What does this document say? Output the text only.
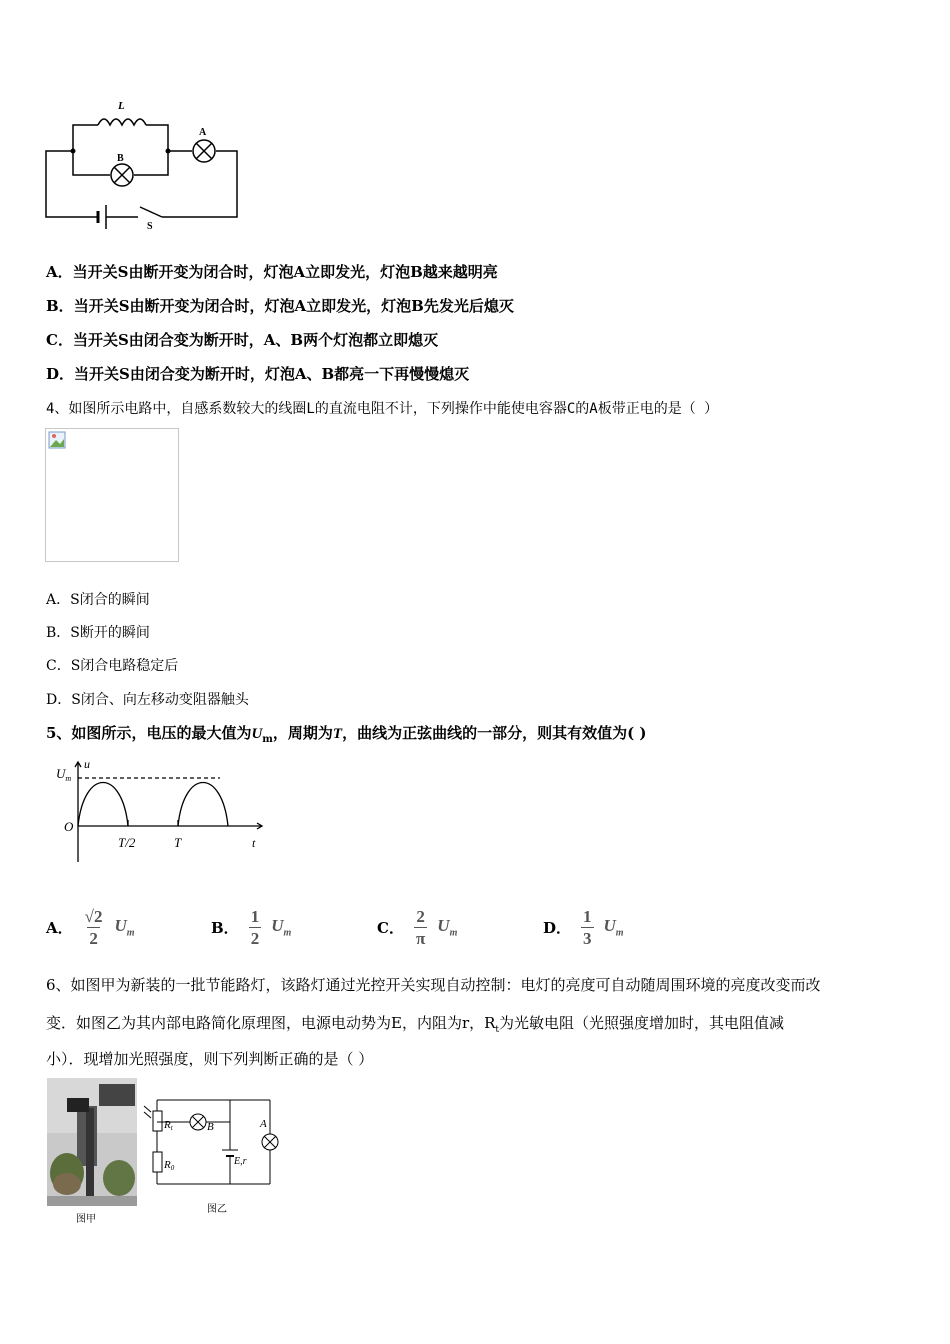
L
B
A
S
A．当开关S由断开变为闭合时，灯泡A立即发光，灯泡B越来越明亮
B．当开关S由断开变为闭合时，灯泡A立即发光，灯泡B先发光后熄灭
C．当开关S由闭合变为断开时，A、B两个灯泡都立即熄灭
D．当开关S由闭合变为断开时，灯泡A、B都亮一下再慢慢熄灭
4、如图所示电路中，自感系数较大的线圈L的直流电阻不计，下列操作中能使电容器C的A板带正电的是（ ）
A．S闭合的瞬间
B．S断开的瞬间
C．S闭合电路稳定后
D．S闭合、向左移动变阻器触头
5、如图所示，电压的最大值为$U_m$，周期为T，曲线为正弦曲线的一部分，则其有效值为( )
$U_m$
u
O
T/2	T	t
A． $\frac{√2}{2} U_m$	B． $\frac{1}{2} U_m$	C． $\frac{2}{\pi} U_m$	D． $\frac{1}{3} U_m$
6、如图甲为新装的一批节能路灯，该路灯通过光控开关实现自动控制：电灯的亮度可自动随周围环境的亮度改变而改
变．如图乙为其内部电路简化原理图，电源电动势为E，内阻为r，$R_t$为光敏电阻（光照强度增加时，其电阻值减
小）．现增加光照强度，则下列判断正确的是（ ）
图甲
Rt	B	A
R0
E,r
图乙
